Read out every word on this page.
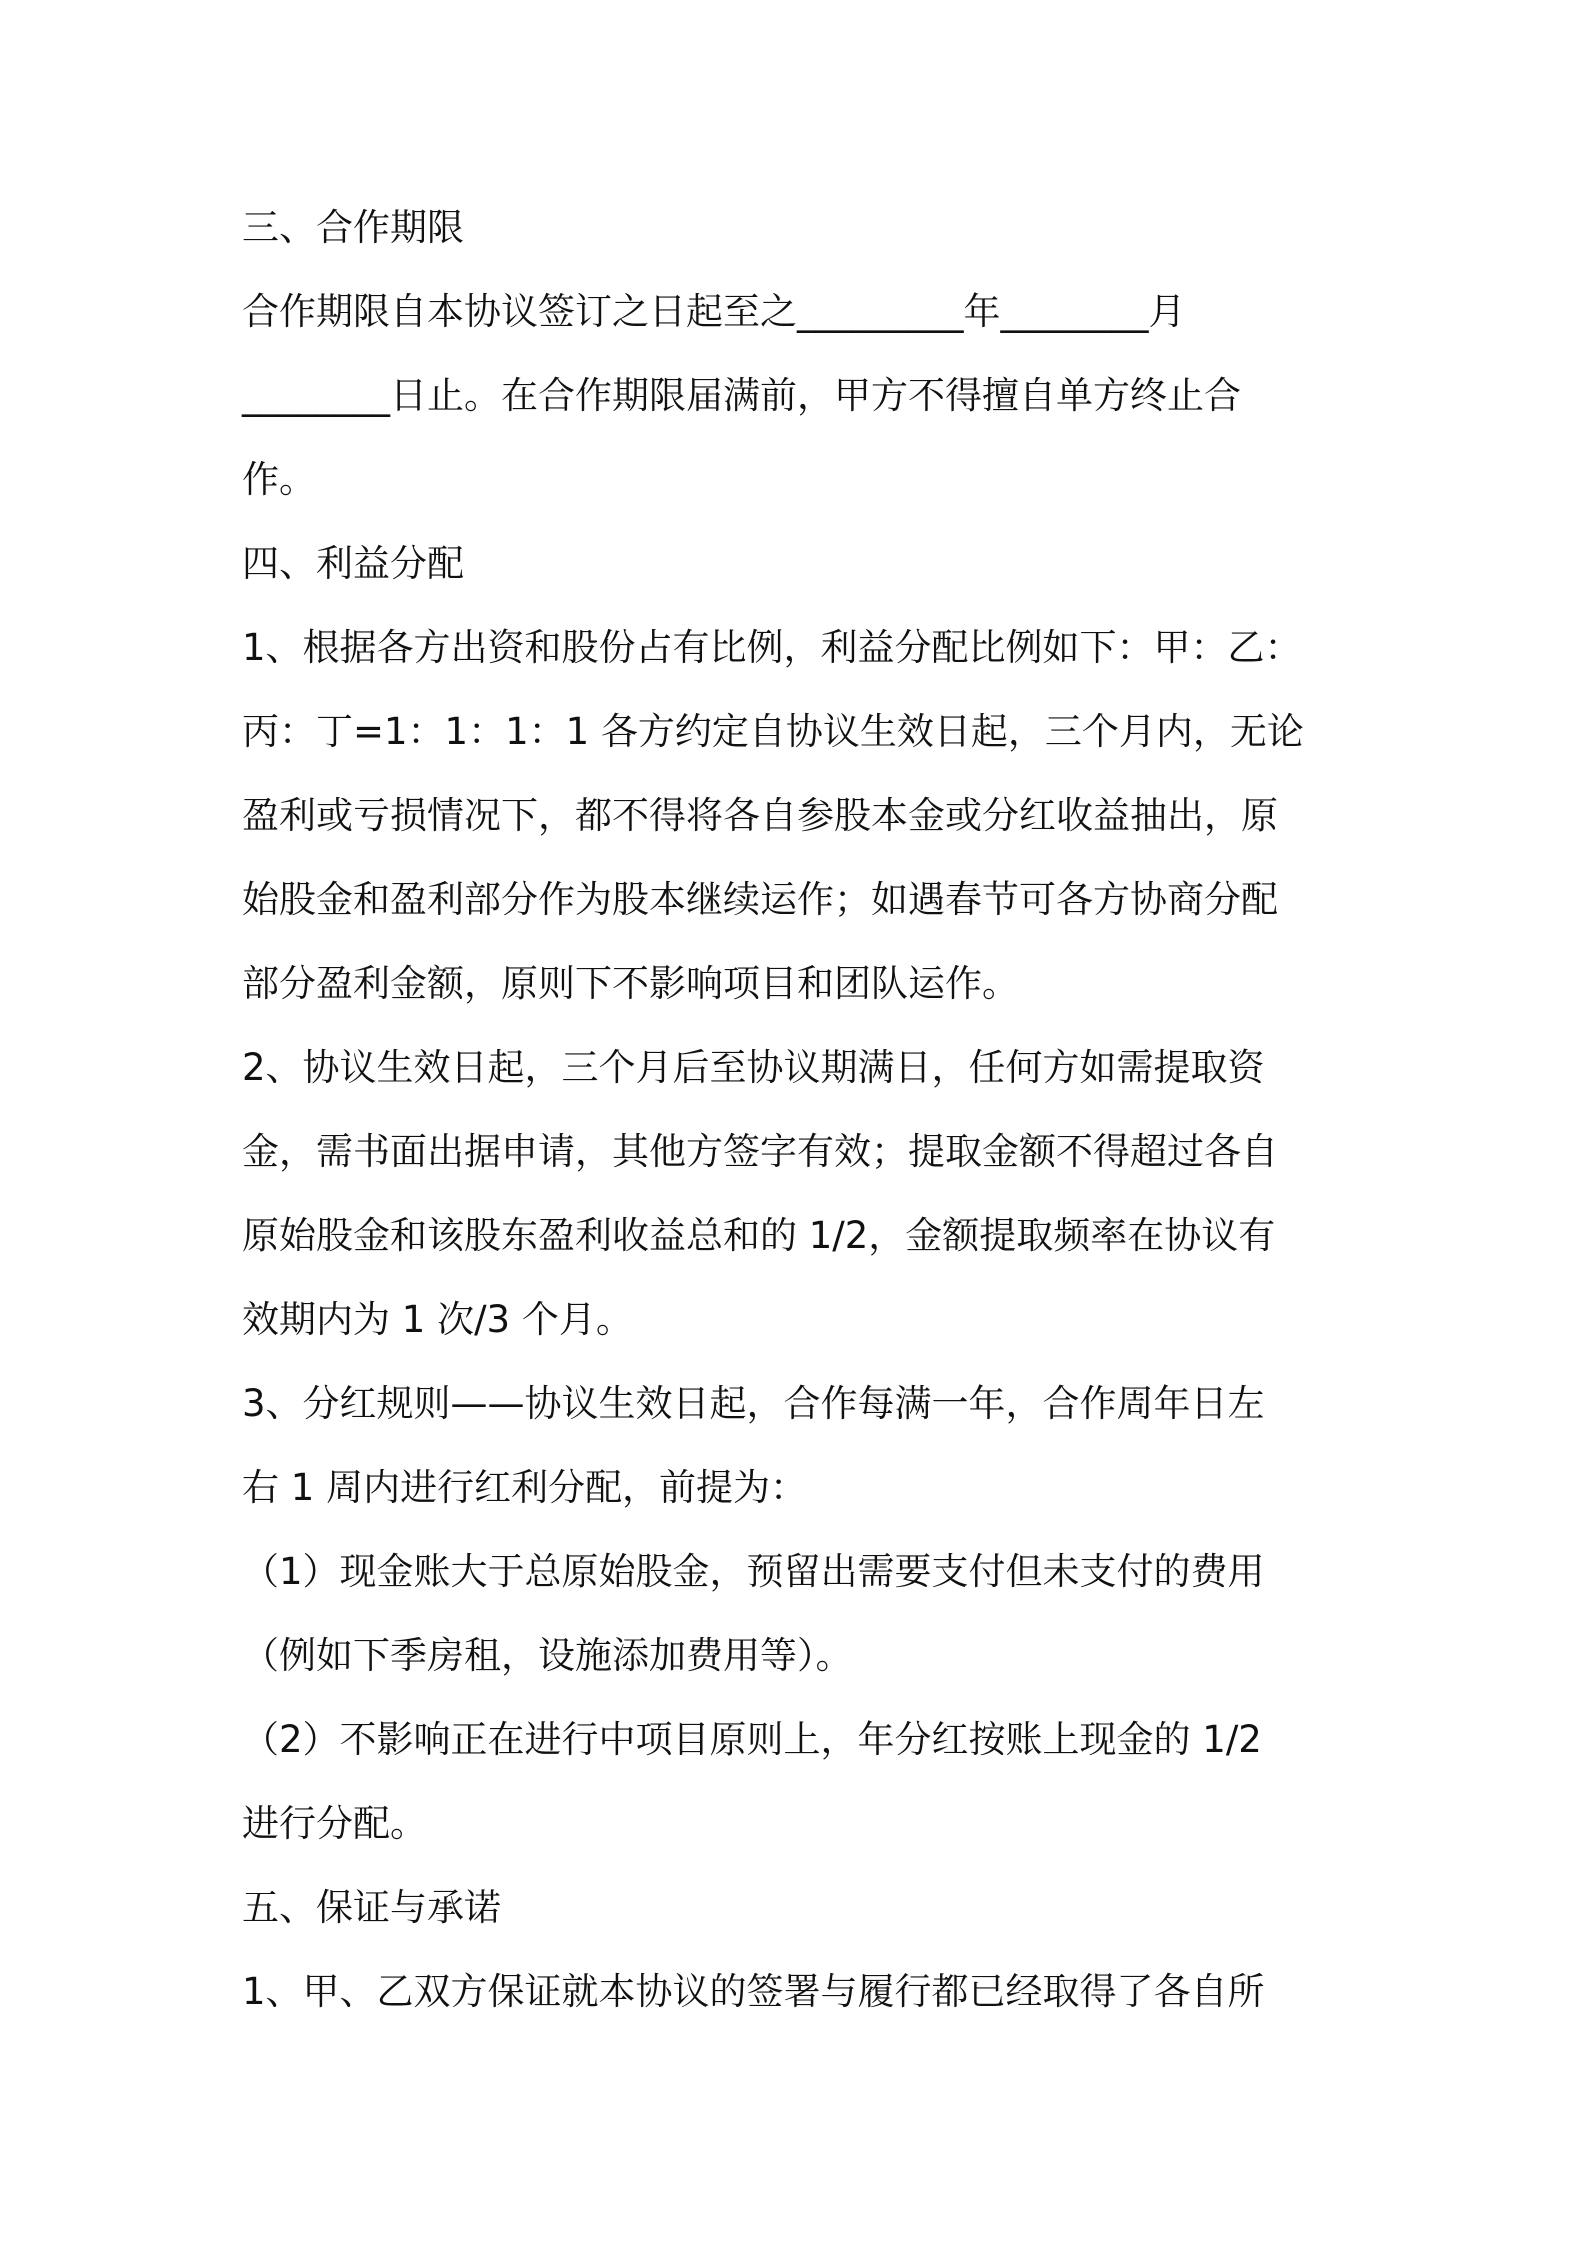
三、合作期限
合作期限自本协议签订之日起至之_________年________月
________日止。在合作期限届满前，甲方不得擅自单方终止合
作。
四、利益分配
1、根据各方出资和股份占有比例，利益分配比例如下：甲：乙：
丙：丁=1：1：1：1 各方约定自协议生效日起，三个月内，无论
盈利或亏损情况下，都不得将各自参股本金或分红收益抽出，原
始股金和盈利部分作为股本继续运作；如遇春节可各方协商分配
部分盈利金额，原则下不影响项目和团队运作。
2、协议生效日起，三个月后至协议期满日，任何方如需提取资
金，需书面出据申请，其他方签字有效；提取金额不得超过各自
原始股金和该股东盈利收益总和的 1/2，金额提取频率在协议有
效期内为 1 次/3 个月。
3、分红规则——协议生效日起，合作每满一年，合作周年日左
右 1 周内进行红利分配，前提为：
（1）现金账大于总原始股金，预留出需要支付但未支付的费用
（例如下季房租，设施添加费用等）。
（2）不影响正在进行中项目原则上，年分红按账上现金的 1/2
进行分配。
五、保证与承诺
1、甲、乙双方保证就本协议的签署与履行都已经取得了各自所
